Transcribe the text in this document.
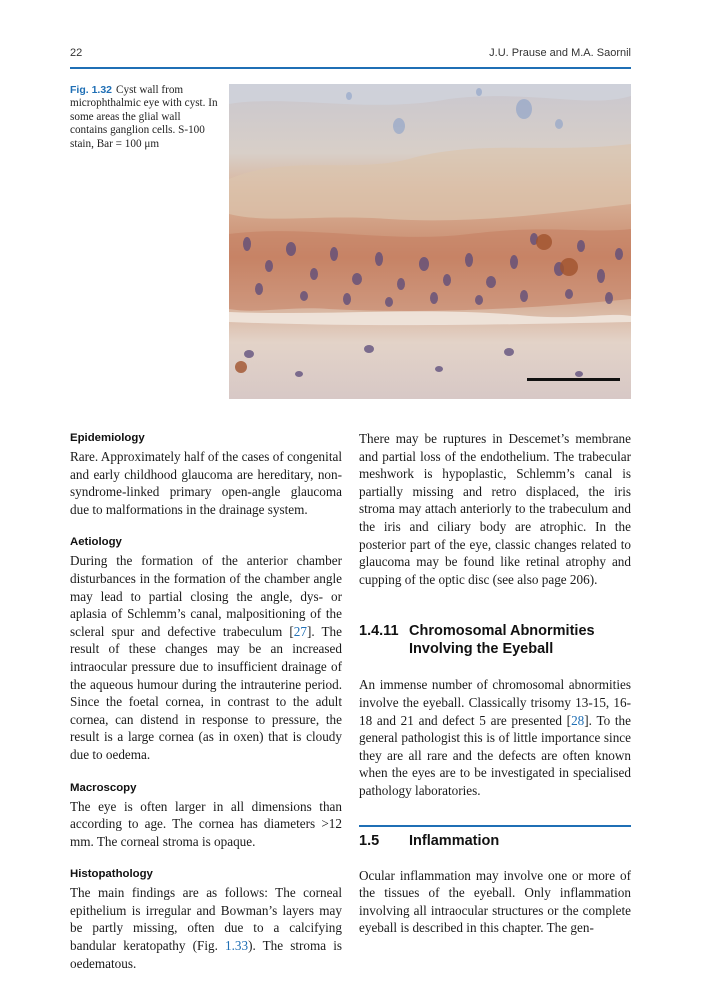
22	J.U. Prause and M.A. Saornil
Fig. 1.32 Cyst wall from microphthalmic eye with cyst. In some areas the glial wall contains ganglion cells. S-100 stain, Bar = 100 μm
Epidemiology

Rare. Approximately half of the cases of congenital and early childhood glaucoma are hereditary, non-syndrome-linked primary open-angle glaucoma due to malformations in the drainage system.

Aetiology

During the formation of the anterior chamber disturbances in the formation of the chamber angle may lead to partial closing the angle, dys- or aplasia of Schlemm’s canal, malpositioning of the scleral spur and defective trabeculum [27]. The result of these changes may be an increased intraocular pressure due to insufficient drainage of the aqueous humour during the intrauterine period. Since the foetal cornea, in contrast to the adult cornea, can distend in response to pressure, the result is a large cornea (as in oxen) that is cloudy due to oedema.

Macroscopy

The eye is often larger in all dimensions than according to age. The cornea has diameters >12 mm. The corneal stroma is opaque.

Histopathology

The main findings are as follows: The corneal epithelium is irregular and Bowman’s layers may be partly missing, often due to a calcifying bandular keratopathy (Fig. 1.33). The stroma is oedematous.

There may be ruptures in Descemet’s membrane and partial loss of the endothelium. The trabecular meshwork is hypoplastic, Schlemm’s canal is partially missing and retro displaced, the iris stroma may attach anteriorly to the trabeculum and the iris and ciliary body are atrophic. In the posterior part of the eye, classic changes related to glaucoma may be found like retinal atrophy and cupping of the optic disc (see also page 206).

1.4.11 Chromosomal Abnormities Involving the Eyeball

An immense number of chromosomal abnormities involve the eyeball. Classically trisomy 13-15, 16-18 and 21 and defect 5 are presented [28]. To the general pathologist this is of little importance since they are all rare and the defects are often known when the eyes are to be investigated in specialised pathology laboratories.

1.5	Inflammation

Ocular inflammation may involve one or more of the tissues of the eyeball. Only inflammation involving all intraocular structures or the complete eyeball is described in this chapter. The gen-
